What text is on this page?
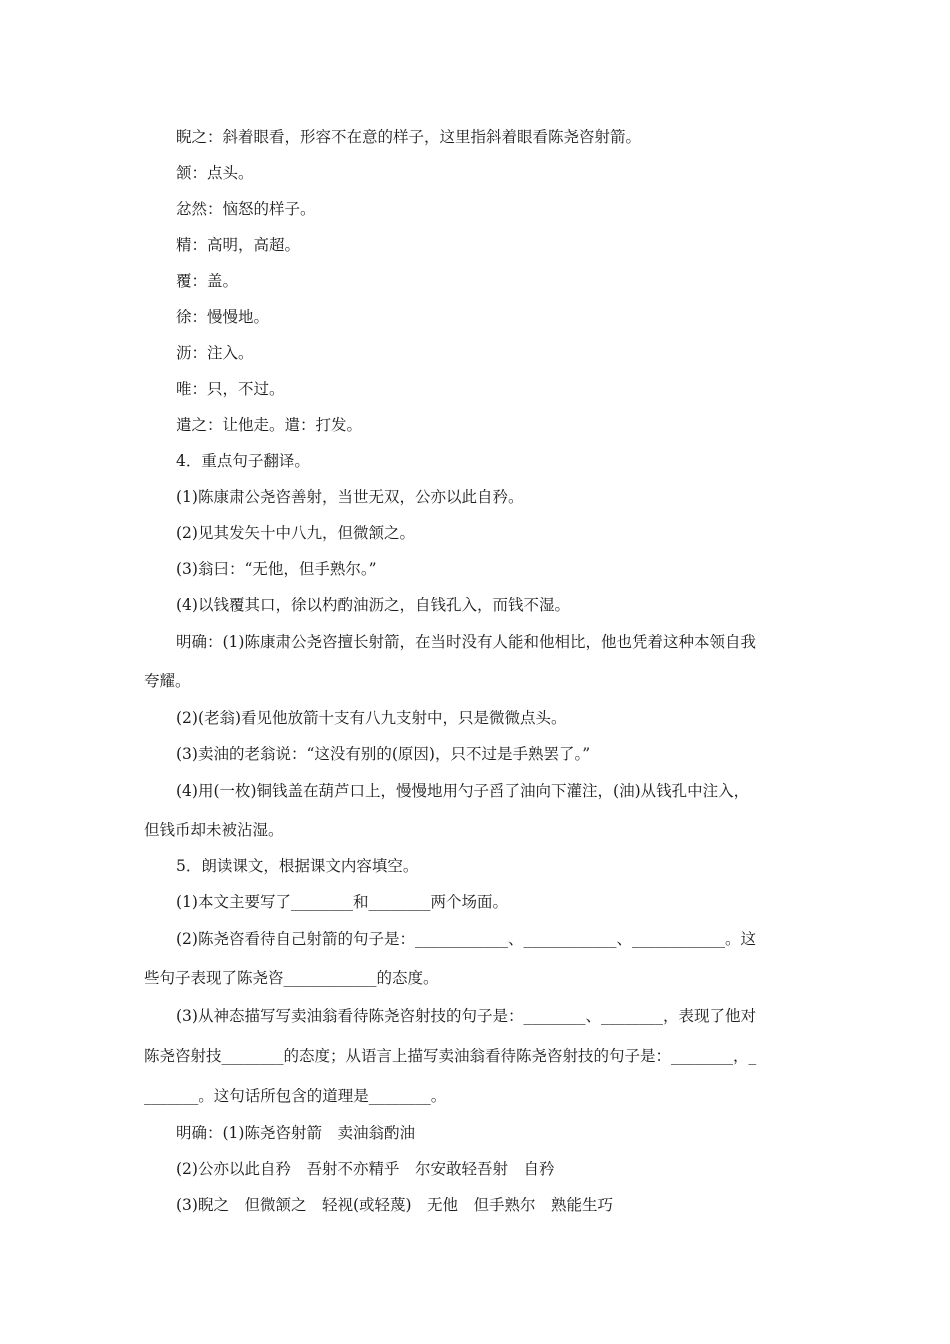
睨之：斜着眼看，形容不在意的样子，这里指斜着眼看陈尧咨射箭。
颔：点头。
忿然：恼怒的样子。
精：高明，高超。
覆：盖。
徐：慢慢地。
沥：注入。
唯：只，不过。
遣之：让他走。遣：打发。
4．重点句子翻译。
(1)陈康肃公尧咨善射，当世无双，公亦以此自矜。
(2)见其发矢十中八九，但微颔之。
(3)翁曰：“无他，但手熟尔。”
(4)以钱覆其口，徐以杓酌油沥之，自钱孔入，而钱不湿。
明确：(1)陈康肃公尧咨擅长射箭，在当时没有人能和他相比，他也凭着这种本领自我
夸耀。
(2)(老翁)看见他放箭十支有八九支射中，只是微微点头。
(3)卖油的老翁说：“这没有别的(原因)，只不过是手熟罢了。”
(4)用(一枚)铜钱盖在葫芦口上，慢慢地用勺子舀了油向下灌注，(油)从钱孔中注入，
但钱币却未被沾湿。
5．朗读课文，根据课文内容填空。
(1)本文主要写了________和________两个场面。
(2)陈尧咨看待自己射箭的句子是：____________、____________、____________。这
些句子表现了陈尧咨____________的态度。
(3)从神态描写写卖油翁看待陈尧咨射技的句子是：________、________，表现了他对
陈尧咨射技________的态度；从语言上描写卖油翁看待陈尧咨射技的句子是：________，_
_______。这句话所包含的道理是________。
明确：(1)陈尧咨射箭　卖油翁酌油
(2)公亦以此自矜　吾射不亦精乎　尔安敢轻吾射　自矜
(3)睨之　但微颔之　轻视(或轻蔑)　无他　但手熟尔　熟能生巧
